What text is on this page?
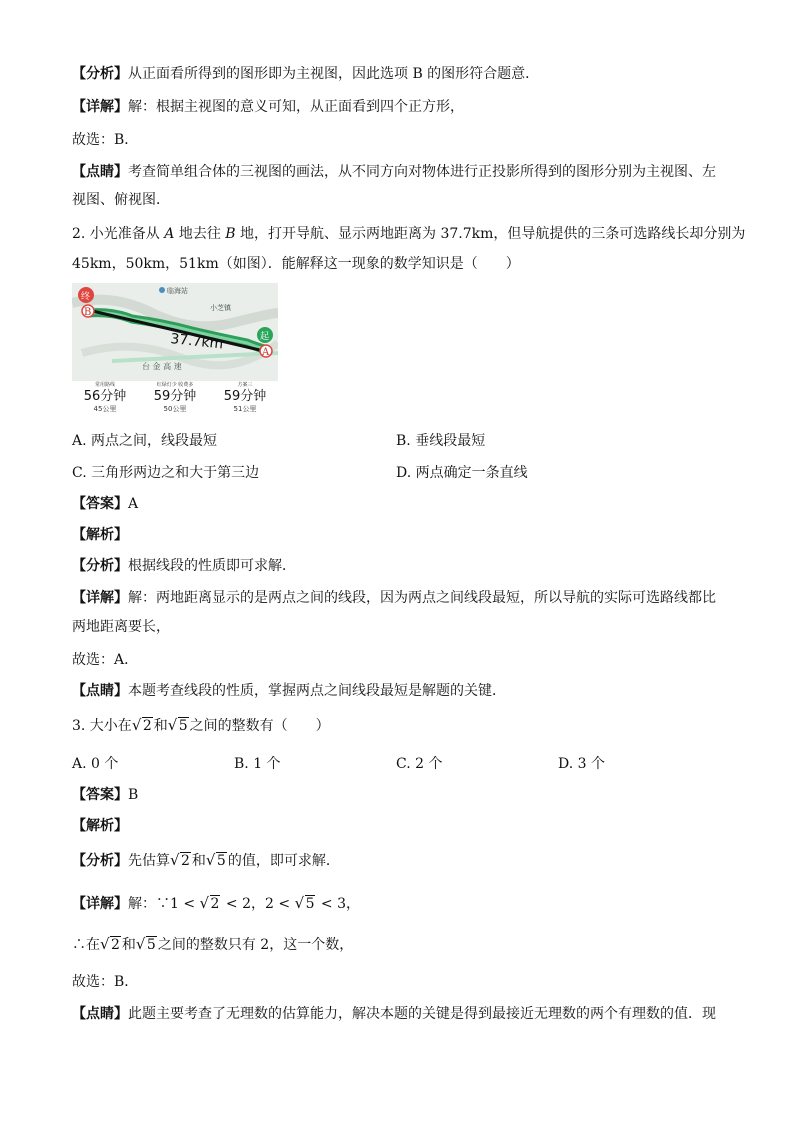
【分析】从正面看所得到的图形即为主视图，因此选项 B 的图形符合题意．
【详解】解：根据主视图的意义可知，从正面看到四个正方形，
故选：B．
【点睛】考查简单组合体的三视图的画法，从不同方向对物体进行正投影所得到的图形分别为主视图、左
视图、俯视图．
2. 小光准备从 A 地去往 B 地，打开导航、显示两地距离为 37.7km，但导航提供的三条可选路线长却分别为
45km，50km，51km（如图）．能解释这一现象的数学知识是（　　）
台 金 高 速
临海站
小芝镇
37.7km
终
B
起
A
常用路线
56分钟
45公里
红绿灯少 收费多
59分钟
50公里
方案三
59分钟
51公里
A. 两点之间，线段最短	B. 垂线段最短
C. 三角形两边之和大于第三边	D. 两点确定一条直线
【答案】A
【解析】
【分析】根据线段的性质即可求解．
【详解】解：两地距离显示的是两点之间的线段，因为两点之间线段最短，所以导航的实际可选路线都比
两地距离要长，
故选：A．
【点睛】本题考查线段的性质，掌握两点之间线段最短是解题的关键．
3. 大小在 √ 2 和 √ 5 之间的整数有（　　）
A. 0 个	B. 1 个	C. 2 个	D. 3 个
【答案】B
【解析】
【分析】先估算 √ 2 和 √ 5 的值，即可求解．
【详解】解：∵1 < √ 2 < 2，2 < √ 5 < 3，
∴在 √ 2 和 √ 5 之间的整数只有 2，这一个数，
故选：B．
【点睛】此题主要考查了无理数的估算能力，解决本题的关键是得到最接近无理数的两个有理数的值．现
